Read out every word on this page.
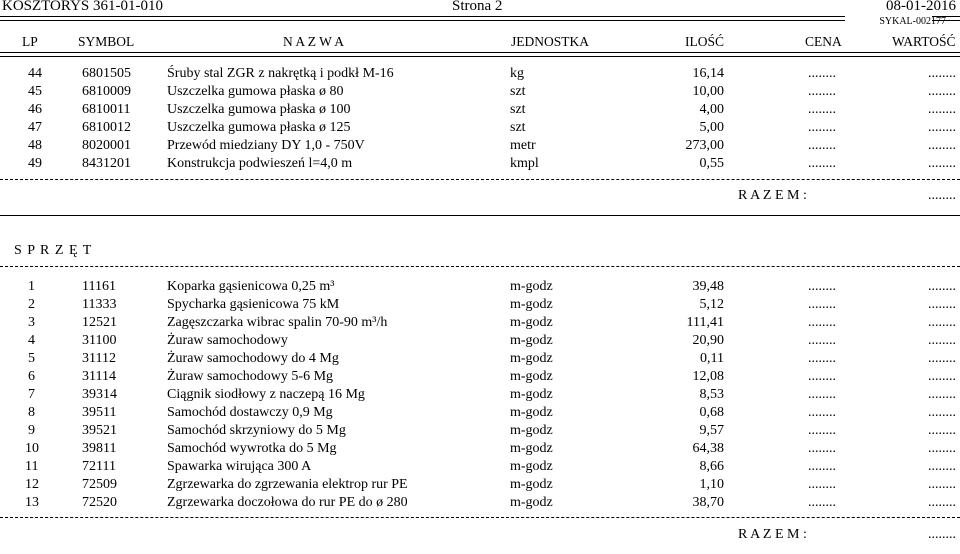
KOSZTORYS 361-01-010	Strona 2	08-01-2016
SYKAL-002177
LP	SYMBOL	N A Z W A	JEDNOSTKA	ILOŚĆ	CENA	WARTOŚĆ
44	6801505	Śruby stal ZGR z nakrętką i podkł M-16	kg	16,14	........	........
45	6810009	Uszczelka gumowa płaska ø 80	szt	10,00	........	........
46	6810011	Uszczelka gumowa płaska ø 100	szt	4,00	........	........
47	6810012	Uszczelka gumowa płaska ø 125	szt	5,00	........	........
48	8020001	Przewód miedziany DY 1,0 - 750V	metr	273,00	........	........
49	8431201	Konstrukcja podwieszeń l=4,0 m	kmpl	0,55	........	........
R A Z E M :	........
S P R Z Ę T
1	11161	Koparka gąsienicowa 0,25 m³	m-godz	39,48	........	........
2	11333	Spycharka gąsienicowa 75 kM	m-godz	5,12	........	........
3	12521	Zagęszczarka wibrac spalin 70-90 m³/h	m-godz	111,41	........	........
4	31100	Żuraw samochodowy	m-godz	20,90	........	........
5	31112	Żuraw samochodowy do 4 Mg	m-godz	0,11	........	........
6	31114	Żuraw samochodowy 5-6 Mg	m-godz	12,08	........	........
7	39314	Ciągnik siodłowy z naczepą 16 Mg	m-godz	8,53	........	........
8	39511	Samochód dostawczy 0,9 Mg	m-godz	0,68	........	........
9	39521	Samochód skrzyniowy do 5 Mg	m-godz	9,57	........	........
10	39811	Samochód wywrotka do 5 Mg	m-godz	64,38	........	........
11	72111	Spawarka wirująca 300 A	m-godz	8,66	........	........
12	72509	Zgrzewarka do zgrzewania elektrop rur PE	m-godz	1,10	........	........
13	72520	Zgrzewarka doczołowa do rur PE do ø 280	m-godz	38,70	........	........
R A Z E M :	........
